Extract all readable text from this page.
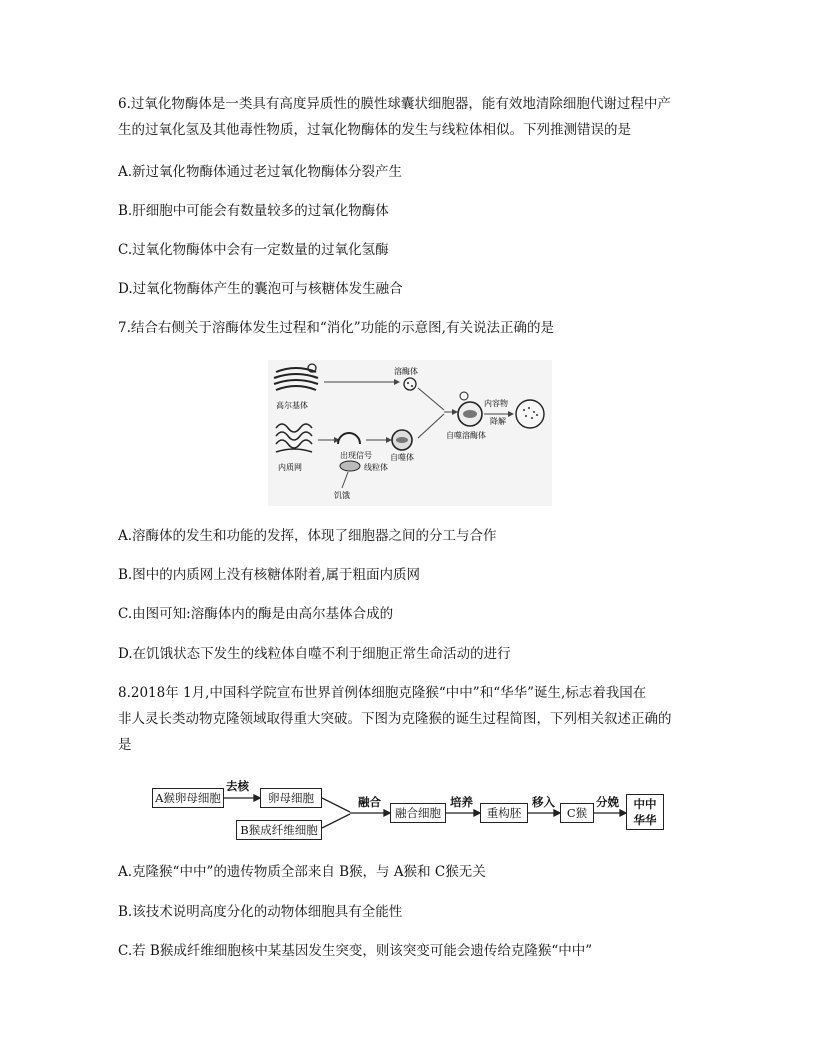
6.过氧化物酶体是一类具有高度异质性的膜性球囊状细胞器，能有效地清除细胞代谢过程中产
生的过氧化氢及其他毒性物质，过氧化物酶体的发生与线粒体相似。下列推测错误的是
A.新过氧化物酶体通过老过氧化物酶体分裂产生
B.肝细胞中可能会有数量较多的过氧化物酶体
C.过氧化物酶体中会有一定数量的过氧化氢酶
D.过氧化物酶体产生的囊泡可与核糖体发生融合
7.结合右侧关于溶酶体发生过程和“消化”功能的示意图,有关说法正确的是
高尔基体
溶酶体
内质网
出现信号
线粒体
饥饿
自噬体
自噬溶酶体
内容物
降解
A.溶酶体的发生和功能的发挥，体现了细胞器之间的分工与合作
B.图中的内质网上没有核糖体附着,属于粗面内质网
C.由图可知:溶酶体内的酶是由高尔基体合成的
D.在饥饿状态下发生的线粒体自噬不利于细胞正常生命活动的进行
8.2018年 1月,中国科学院宣布世界首例体细胞克隆猴“中中”和“华华”诞生,标志着我国在
非人灵长类动物克隆领域取得重大突破。下图为克隆猴的诞生过程简图，下列相关叙述正确的
是
A猴卵母细胞
去核
卵母细胞
B猴成纤维细胞
融合
融合细胞
培养
重构胚
移入
C猴
分娩	中中
华华
A.克隆猴“中中”的遗传物质全部来自 B猴，与 A猴和 C猴无关
B.该技术说明高度分化的动物体细胞具有全能性
C.若 B猴成纤维细胞核中某基因发生突变，则该突变可能会遗传给克隆猴“中中”
